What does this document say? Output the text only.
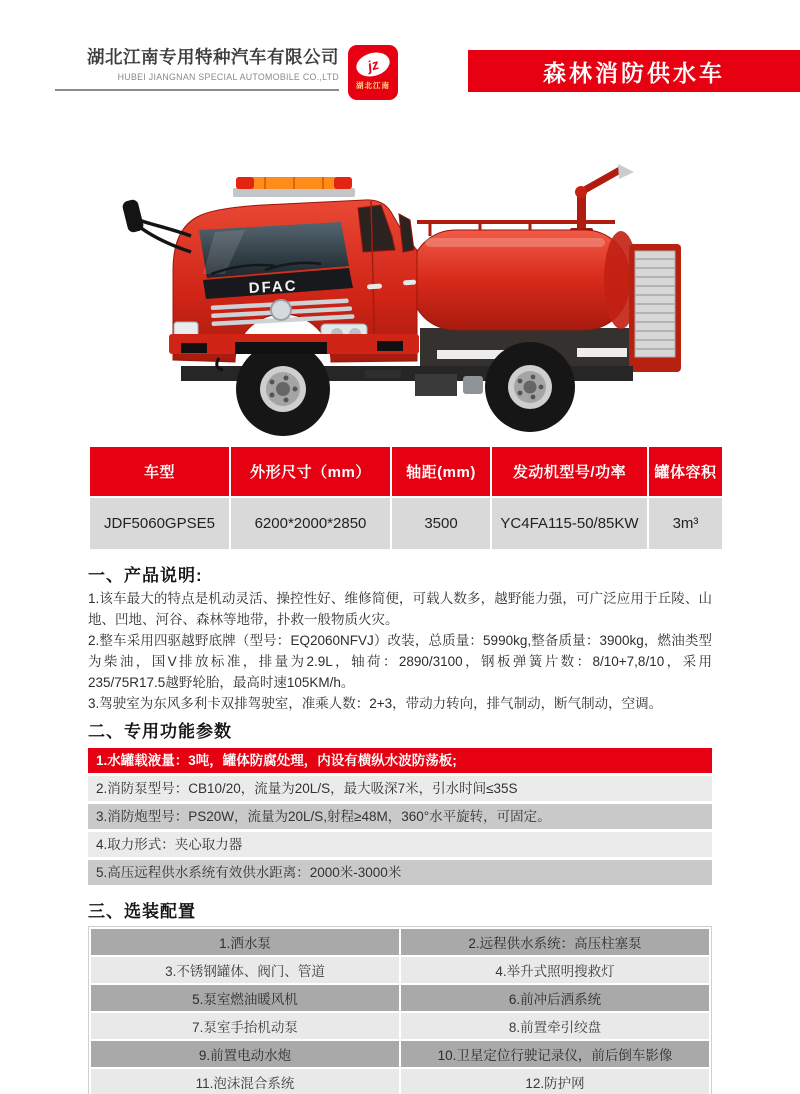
湖北江南专用特种汽车有限公司
HUBEI JIANGNAN SPECIAL AUTOMOBILE CO.,LTD
jz
湖北江南	森林消防供水车
DFAC
车型	外形尺寸（mm）	轴距(mm)	发动机型号/功率	罐体容积
JDF5060GPSE5	6200*2000*2850	3500	YC4FA115-50/85KW	3m³
一、产品说明:

1.该车最大的特点是机动灵活、操控性好、维修简便，可载人数多，越野能力强，可广泛应用于丘陵、山地、凹地、河谷、森林等地带，扑救一般物质火灾。

2.整车采用四驱越野底牌（型号：EQ2060NFVJ）改装，总质量：5990kg,整备质量：3900kg，燃油类型为柴油，国V排放标准，排量为2.9L，轴荷：2890/3100，钢板弹簧片数：8/10+7,8/10，采用235/75R17.5越野轮胎，最高时速105KM/h。

3.驾驶室为东风多利卡双排驾驶室，准乘人数：2+3，带动力转向，排气制动，断气制动，空调。

二、专用功能参数
1.水罐载液量：3吨，罐体防腐处理，内设有横纵水波防荡板;
2.消防泵型号：CB10/20，流量为20L/S，最大吸深7米，引水时间≤35S
3.消防炮型号：PS20W，流量为20L/S,射程≥48M，360°水平旋转，可固定。
4.取力形式：夹心取力器
5.高压远程供水系统有效供水距离：2000米-3000米
三、选装配置
1.洒水泵	2.远程供水系统：高压柱塞泵
3.不锈钢罐体、阀门、管道	4.举升式照明搜救灯
5.泵室燃油暖风机	6.前冲后洒系统
7.泵室手抬机动泵	8.前置牵引绞盘
9.前置电动水炮	10.卫星定位行驶记录仪，前后倒车影像
11.泡沫混合系统	12.防护网
